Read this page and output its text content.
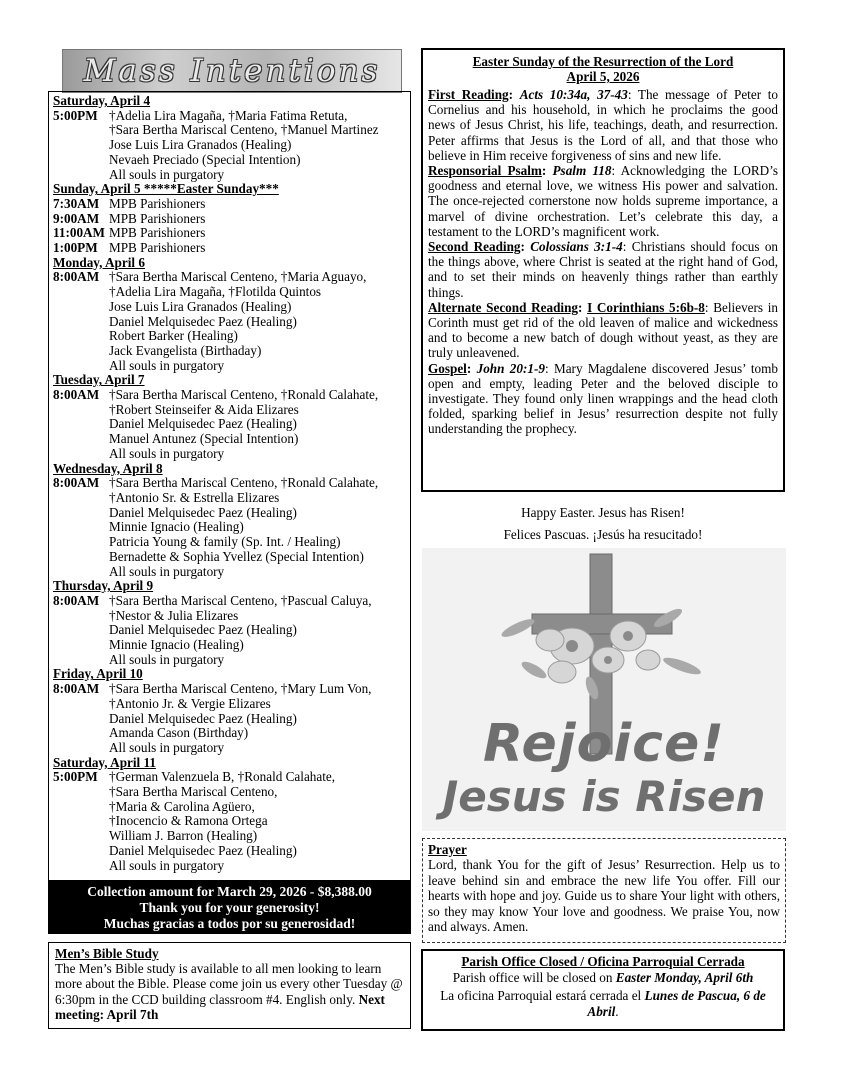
Mass Intentions
Saturday, April 4
5:00PM †Adelia Lira Magaña, †Maria Fatima Retuta,
†Sara Bertha Mariscal Centeno, †Manuel Martinez
Jose Luis Lira Granados (Healing)
Nevaeh Preciado (Special Intention)
All souls in purgatory
Sunday, April 5 *****Easter Sunday***
7:30AM MPB Parishioners
9:00AM MPB Parishioners
11:00AM MPB Parishioners
1:00PM MPB Parishioners
Monday, April 6
8:00AM †Sara Bertha Mariscal Centeno, †Maria Aguayo,
†Adelia Lira Magaña, †Flotilda Quintos
Jose Luis Lira Granados (Healing)
Daniel Melquisedec Paez (Healing)
Robert Barker (Healing)
Jack Evangelista (Birthaday)
All souls in purgatory
Tuesday, April 7
8:00AM †Sara Bertha Mariscal Centeno, †Ronald Calahate,
†Robert Steinseifer & Aida Elizares
Daniel Melquisedec Paez (Healing)
Manuel Antunez (Special Intention)
All souls in purgatory
Wednesday, April 8
8:00AM †Sara Bertha Mariscal Centeno, †Ronald Calahate,
†Antonio Sr. & Estrella Elizares
Daniel Melquisedec Paez (Healing)
Minnie Ignacio (Healing)
Patricia Young & family (Sp. Int. / Healing)
Bernadette & Sophia Yvellez (Special Intention)
All souls in purgatory
Thursday, April 9
8:00AM †Sara Bertha Mariscal Centeno, †Pascual Caluya,
†Nestor & Julia Elizares
Daniel Melquisedec Paez (Healing)
Minnie Ignacio (Healing)
All souls in purgatory
Friday, April 10
8:00AM †Sara Bertha Mariscal Centeno, †Mary Lum Von,
†Antonio Jr. & Vergie Elizares
Daniel Melquisedec Paez (Healing)
Amanda Cason (Birthday)
All souls in purgatory
Saturday, April 11
5:00PM †German Valenzuela B, †Ronald Calahate,
†Sara Bertha Mariscal Centeno,
†Maria & Carolina Agüero,
†Inocencio & Ramona Ortega
William J. Barron (Healing)
Daniel Melquisedec Paez (Healing)
All souls in purgatory
Collection amount for March 29, 2026 - $8,388.00
Thank you for your generosity!
Muchas gracias a todos por su generosidad!
Men’s Bible Study
The Men’s Bible study is available to all men looking to learn more about the Bible. Please come join us every other Tuesday @ 6:30pm in the CCD building classroom #4. English only. Next meeting: April 7th
Easter Sunday of the Resurrection of the Lord
April 5, 2026

First Reading: Acts 10:34a, 37-43: The message of Peter to Cornelius and his household, in which he proclaims the good news of Jesus Christ, his life, teachings, death, and resurrection. Peter affirms that Jesus is the Lord of all, and that those who believe in Him receive forgiveness of sins and new life.

Responsorial Psalm: Psalm 118: Acknowledging the LORD’s goodness and eternal love, we witness His power and salvation. The once-rejected cornerstone now holds supreme importance, a marvel of divine orchestration. Let’s celebrate this day, a testament to the LORD’s magnificent work.

Second Reading: Colossians 3:1-4: Christians should focus on the things above, where Christ is seated at the right hand of God, and to set their minds on heavenly things rather than earthly things.

Alternate Second Reading: I Corinthians 5:6b-8: Believers in Corinth must get rid of the old leaven of malice and wickedness and to become a new batch of dough without yeast, as they are truly unleavened.

Gospel: John 20:1-9: Mary Magdalene discovered Jesus’ tomb open and empty, leading Peter and the beloved disciple to investigate. They found only linen wrappings and the head cloth folded, sparking belief in Jesus’ resurrection despite not fully understanding the prophecy.

Happy Easter. Jesus has Risen!
Felices Pascuas. ¡Jesús ha resucitado!
Rejoice!
Jesus is Risen
Prayer

Lord, thank You for the gift of Jesus’ Resurrection. Help us to leave behind sin and embrace the new life You offer. Fill our hearts with hope and joy. Guide us to share Your light with others, so they may know Your love and goodness. We praise You, now and always. Amen.

Parish Office Closed / Oficina Parroquial Cerrada
Parish office will be closed on Easter Monday, April 6th
La oficina Parroquial estará cerrada el Lunes de Pascua, 6 de Abril.
